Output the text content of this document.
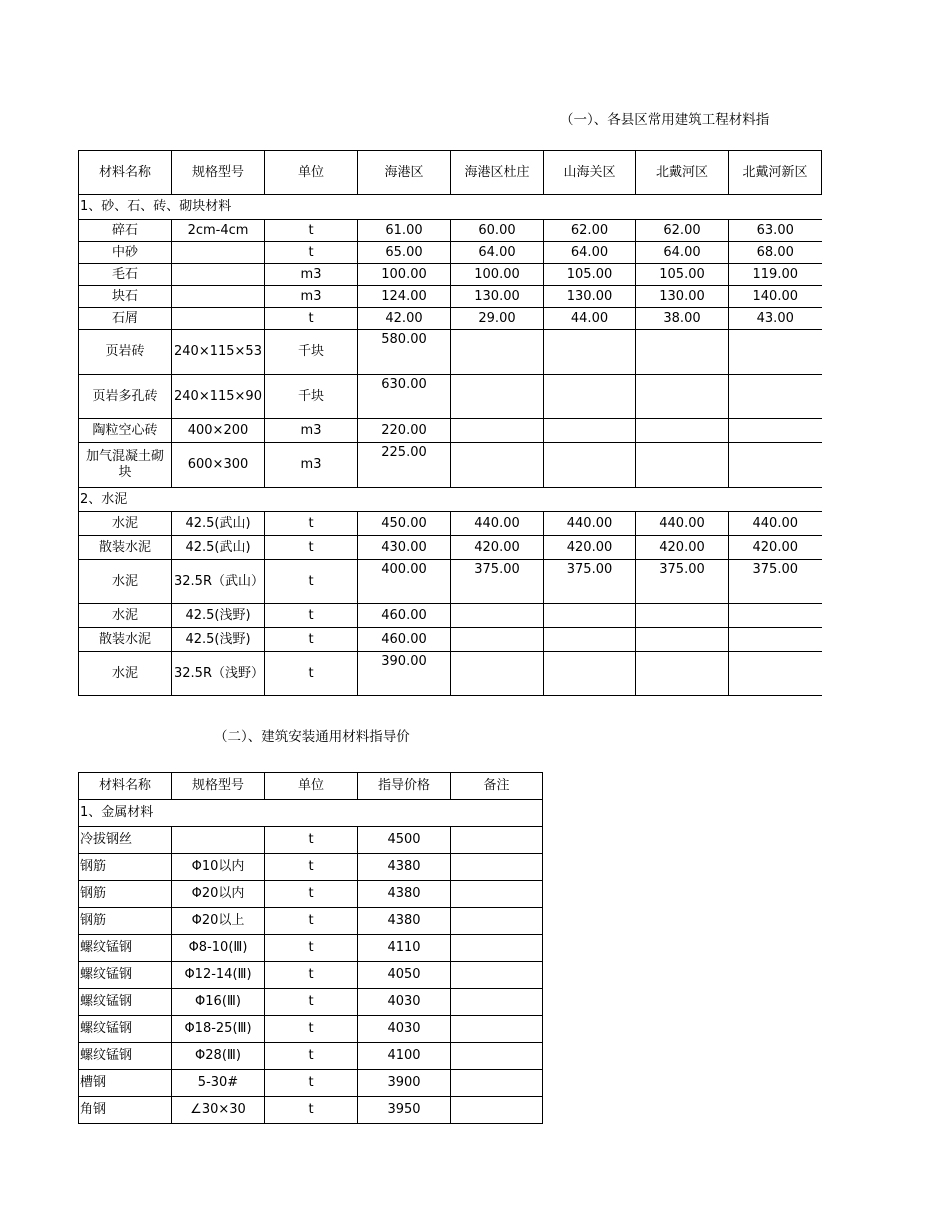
（一）、各县区常用建筑工程材料指
材料名称	规格型号	单位	海港区	海港区杜庄	山海关区	北戴河区	北戴河新区
1、砂、石、砖、砌块材料							
碎石	2cm-4cm	t	61.00	60.00	62.00	62.00	63.00
中砂		t	65.00	64.00	64.00	64.00	68.00
毛石		m3	100.00	100.00	105.00	105.00	119.00
块石		m3	124.00	130.00	130.00	130.00	140.00
石屑		t	42.00	29.00	44.00	38.00	43.00
页岩砖	240×115×53	千块	580.00				
页岩多孔砖	240×115×90	千块	630.00				
陶粒空心砖	400×200	m3	220.00				
加气混凝土砌块	600×300	m3	225.00				
2、水泥							
水泥	42.5(武山)	t	450.00	440.00	440.00	440.00	440.00
散装水泥	42.5(武山)	t	430.00	420.00	420.00	420.00	420.00
水泥	32.5R（武山）	t	400.00	375.00	375.00	375.00	375.00
水泥	42.5(浅野)	t	460.00				
散装水泥	42.5(浅野)	t	460.00				
水泥	32.5R（浅野）	t	390.00				
（二）、建筑安装通用材料指导价
材料名称	规格型号	单位	指导价格	备注
1、金属材料				
冷拔钢丝		t	4500	
钢筋	Φ10以内	t	4380	
钢筋	Φ20以内	t	4380	
钢筋	Φ20以上	t	4380	
螺纹锰钢	Φ8-10(Ⅲ)	t	4110	
螺纹锰钢	Φ12-14(Ⅲ)	t	4050	
螺纹锰钢	Φ16(Ⅲ)	t	4030	
螺纹锰钢	Φ18-25(Ⅲ)	t	4030	
螺纹锰钢	Φ28(Ⅲ)	t	4100	
槽钢	5-30#	t	3900	
角钢	∠30×30	t	3950	
